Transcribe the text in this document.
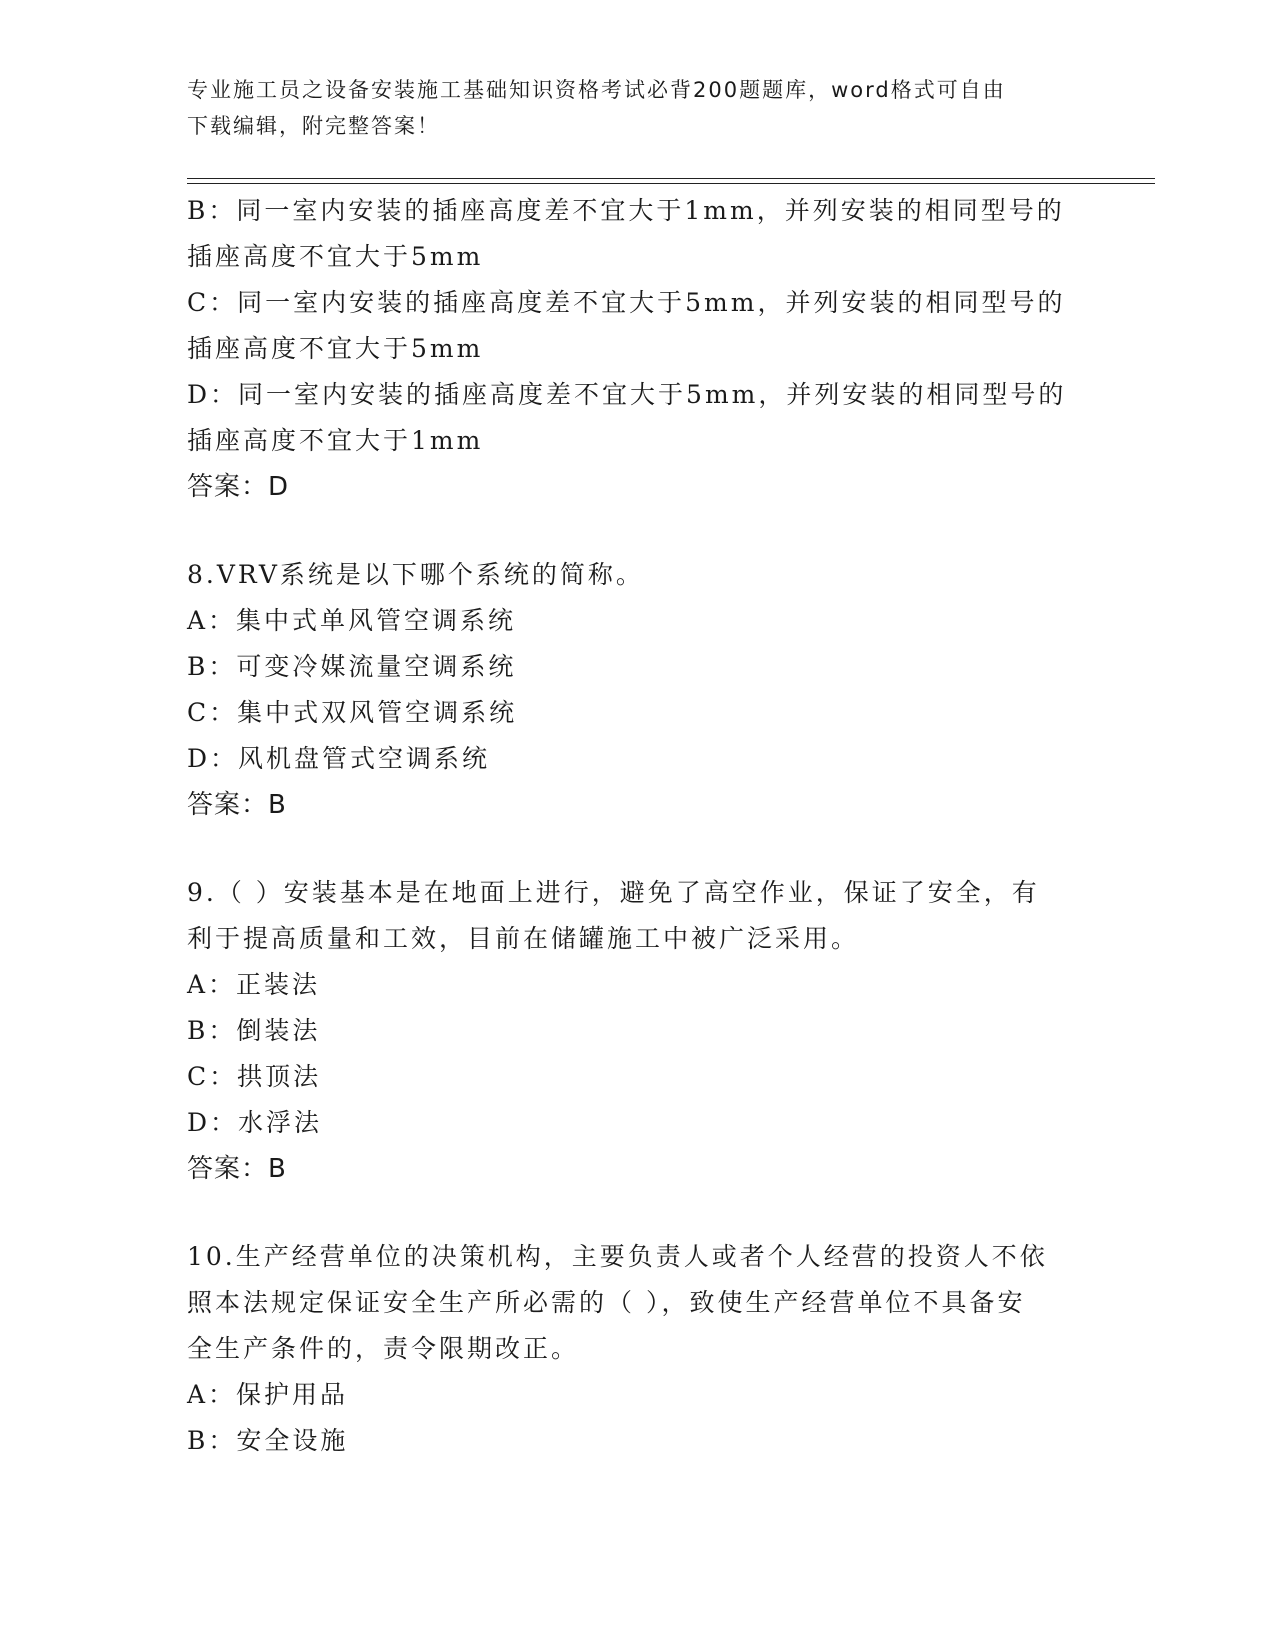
专业施工员之设备安装施工基础知识资格考试必背200题题库，word格式可自由
下载编辑，附完整答案！
B：同一室内安装的插座高度差不宜大于1mm，并列安装的相同型号的
插座高度不宜大于5mm
C：同一室内安装的插座高度差不宜大于5mm，并列安装的相同型号的
插座高度不宜大于5mm
D：同一室内安装的插座高度差不宜大于5mm，并列安装的相同型号的
插座高度不宜大于1mm
答案：D
8.VRV系统是以下哪个系统的简称。
A：集中式单风管空调系统
B：可变冷媒流量空调系统
C：集中式双风管空调系统
D：风机盘管式空调系统
答案：B
9.（ ）安装基本是在地面上进行，避免了高空作业，保证了安全，有
利于提高质量和工效，目前在储罐施工中被广泛采用。
A：正装法
B：倒装法
C：拱顶法
D：水浮法
答案：B
10.生产经营单位的决策机构，主要负责人或者个人经营的投资人不依
照本法规定保证安全生产所必需的（ ），致使生产经营单位不具备安
全生产条件的，责令限期改正。
A：保护用品
B：安全设施
